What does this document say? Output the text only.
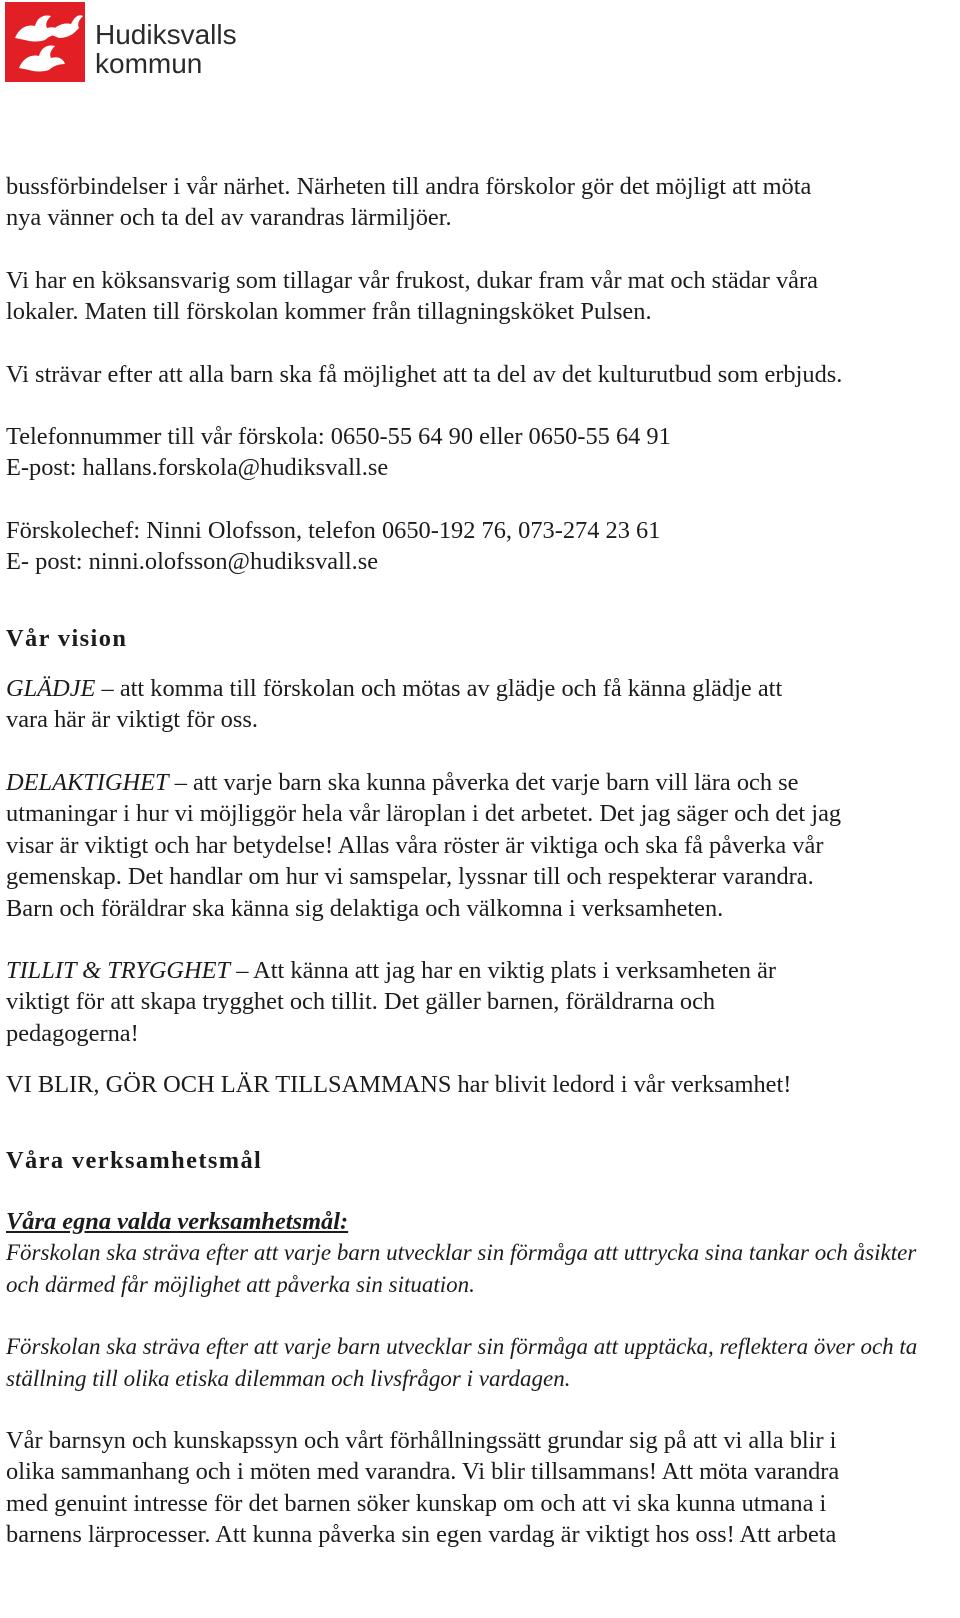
Hudiksvalls
kommun

bussförbindelser i vår närhet. Närheten till andra förskolor gör det möjligt att möta

nya vänner och ta del av varandras lärmiljöer.

Vi har en köksansvarig som tillagar vår frukost, dukar fram vår mat och städar våra

lokaler. Maten till förskolan kommer från tillagningsköket Pulsen.

Vi strävar efter att alla barn ska få möjlighet att ta del av det kulturutbud som erbjuds.

Telefonnummer till vår förskola: 0650-55 64 90 eller 0650-55 64 91

E-post: hallans.forskola@hudiksvall.se

Förskolechef: Ninni Olofsson, telefon 0650-192 76, 073-274 23 61

E- post: ninni.olofsson@hudiksvall.se

Vår vision

GLÄDJE – att komma till förskolan och mötas av glädje och få känna glädje att

vara här är viktigt för oss.

DELAKTIGHET – att varje barn ska kunna påverka det varje barn vill lära och se

utmaningar i hur vi möjliggör hela vår läroplan i det arbetet. Det jag säger och det jag

visar är viktigt och har betydelse! Allas våra röster är viktiga och ska få påverka vår

gemenskap. Det handlar om hur vi samspelar, lyssnar till och respekterar varandra.

Barn och föräldrar ska känna sig delaktiga och välkomna i verksamheten.

TILLIT & TRYGGHET – Att känna att jag har en viktig plats i verksamheten är

viktigt för att skapa trygghet och tillit. Det gäller barnen, föräldrarna och

pedagogerna!

VI BLIR, GÖR OCH LÄR TILLSAMMANS har blivit ledord i vår verksamhet!

Våra verksamhetsmål

Våra egna valda verksamhetsmål:

Förskolan ska sträva efter att varje barn utvecklar sin förmåga att uttrycka sina tankar och åsikter

och därmed får möjlighet att påverka sin situation.

Förskolan ska sträva efter att varje barn utvecklar sin förmåga att upptäcka, reflektera över och ta

ställning till olika etiska dilemman och livsfrågor i vardagen.

Vår barnsyn och kunskapssyn och vårt förhållningssätt grundar sig på att vi alla blir i

olika sammanhang och i möten med varandra. Vi blir tillsammans! Att möta varandra

med genuint intresse för det barnen söker kunskap om och att vi ska kunna utmana i

barnens lärprocesser. Att kunna påverka sin egen vardag är viktigt hos oss! Att arbeta
